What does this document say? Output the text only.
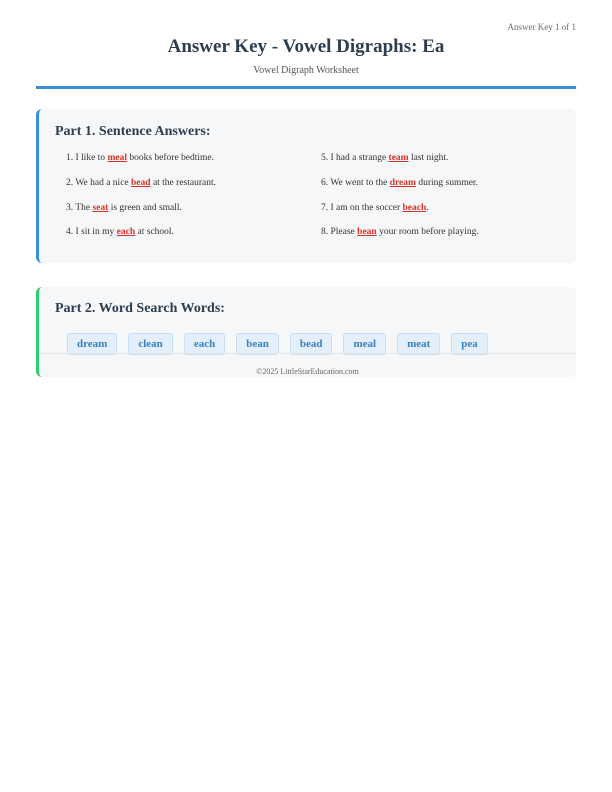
Answer Key 1 of 1
Answer Key - Vowel Digraphs: Ea
Vowel Digraph Worksheet
Part 1. Sentence Answers:
1. I like to meal books before bedtime.
2. We had a nice bead at the restaurant.
3. The seat is green and small.
4. I sit in my each at school.
5. I had a strange team last night.
6. We went to the dream during summer.
7. I am on the soccer beach.
8. Please bean your room before playing.
Part 2. Word Search Words:
dream	clean	each	bean	bead	meal	meat	pea
©2025 LittleStarEducation.com
